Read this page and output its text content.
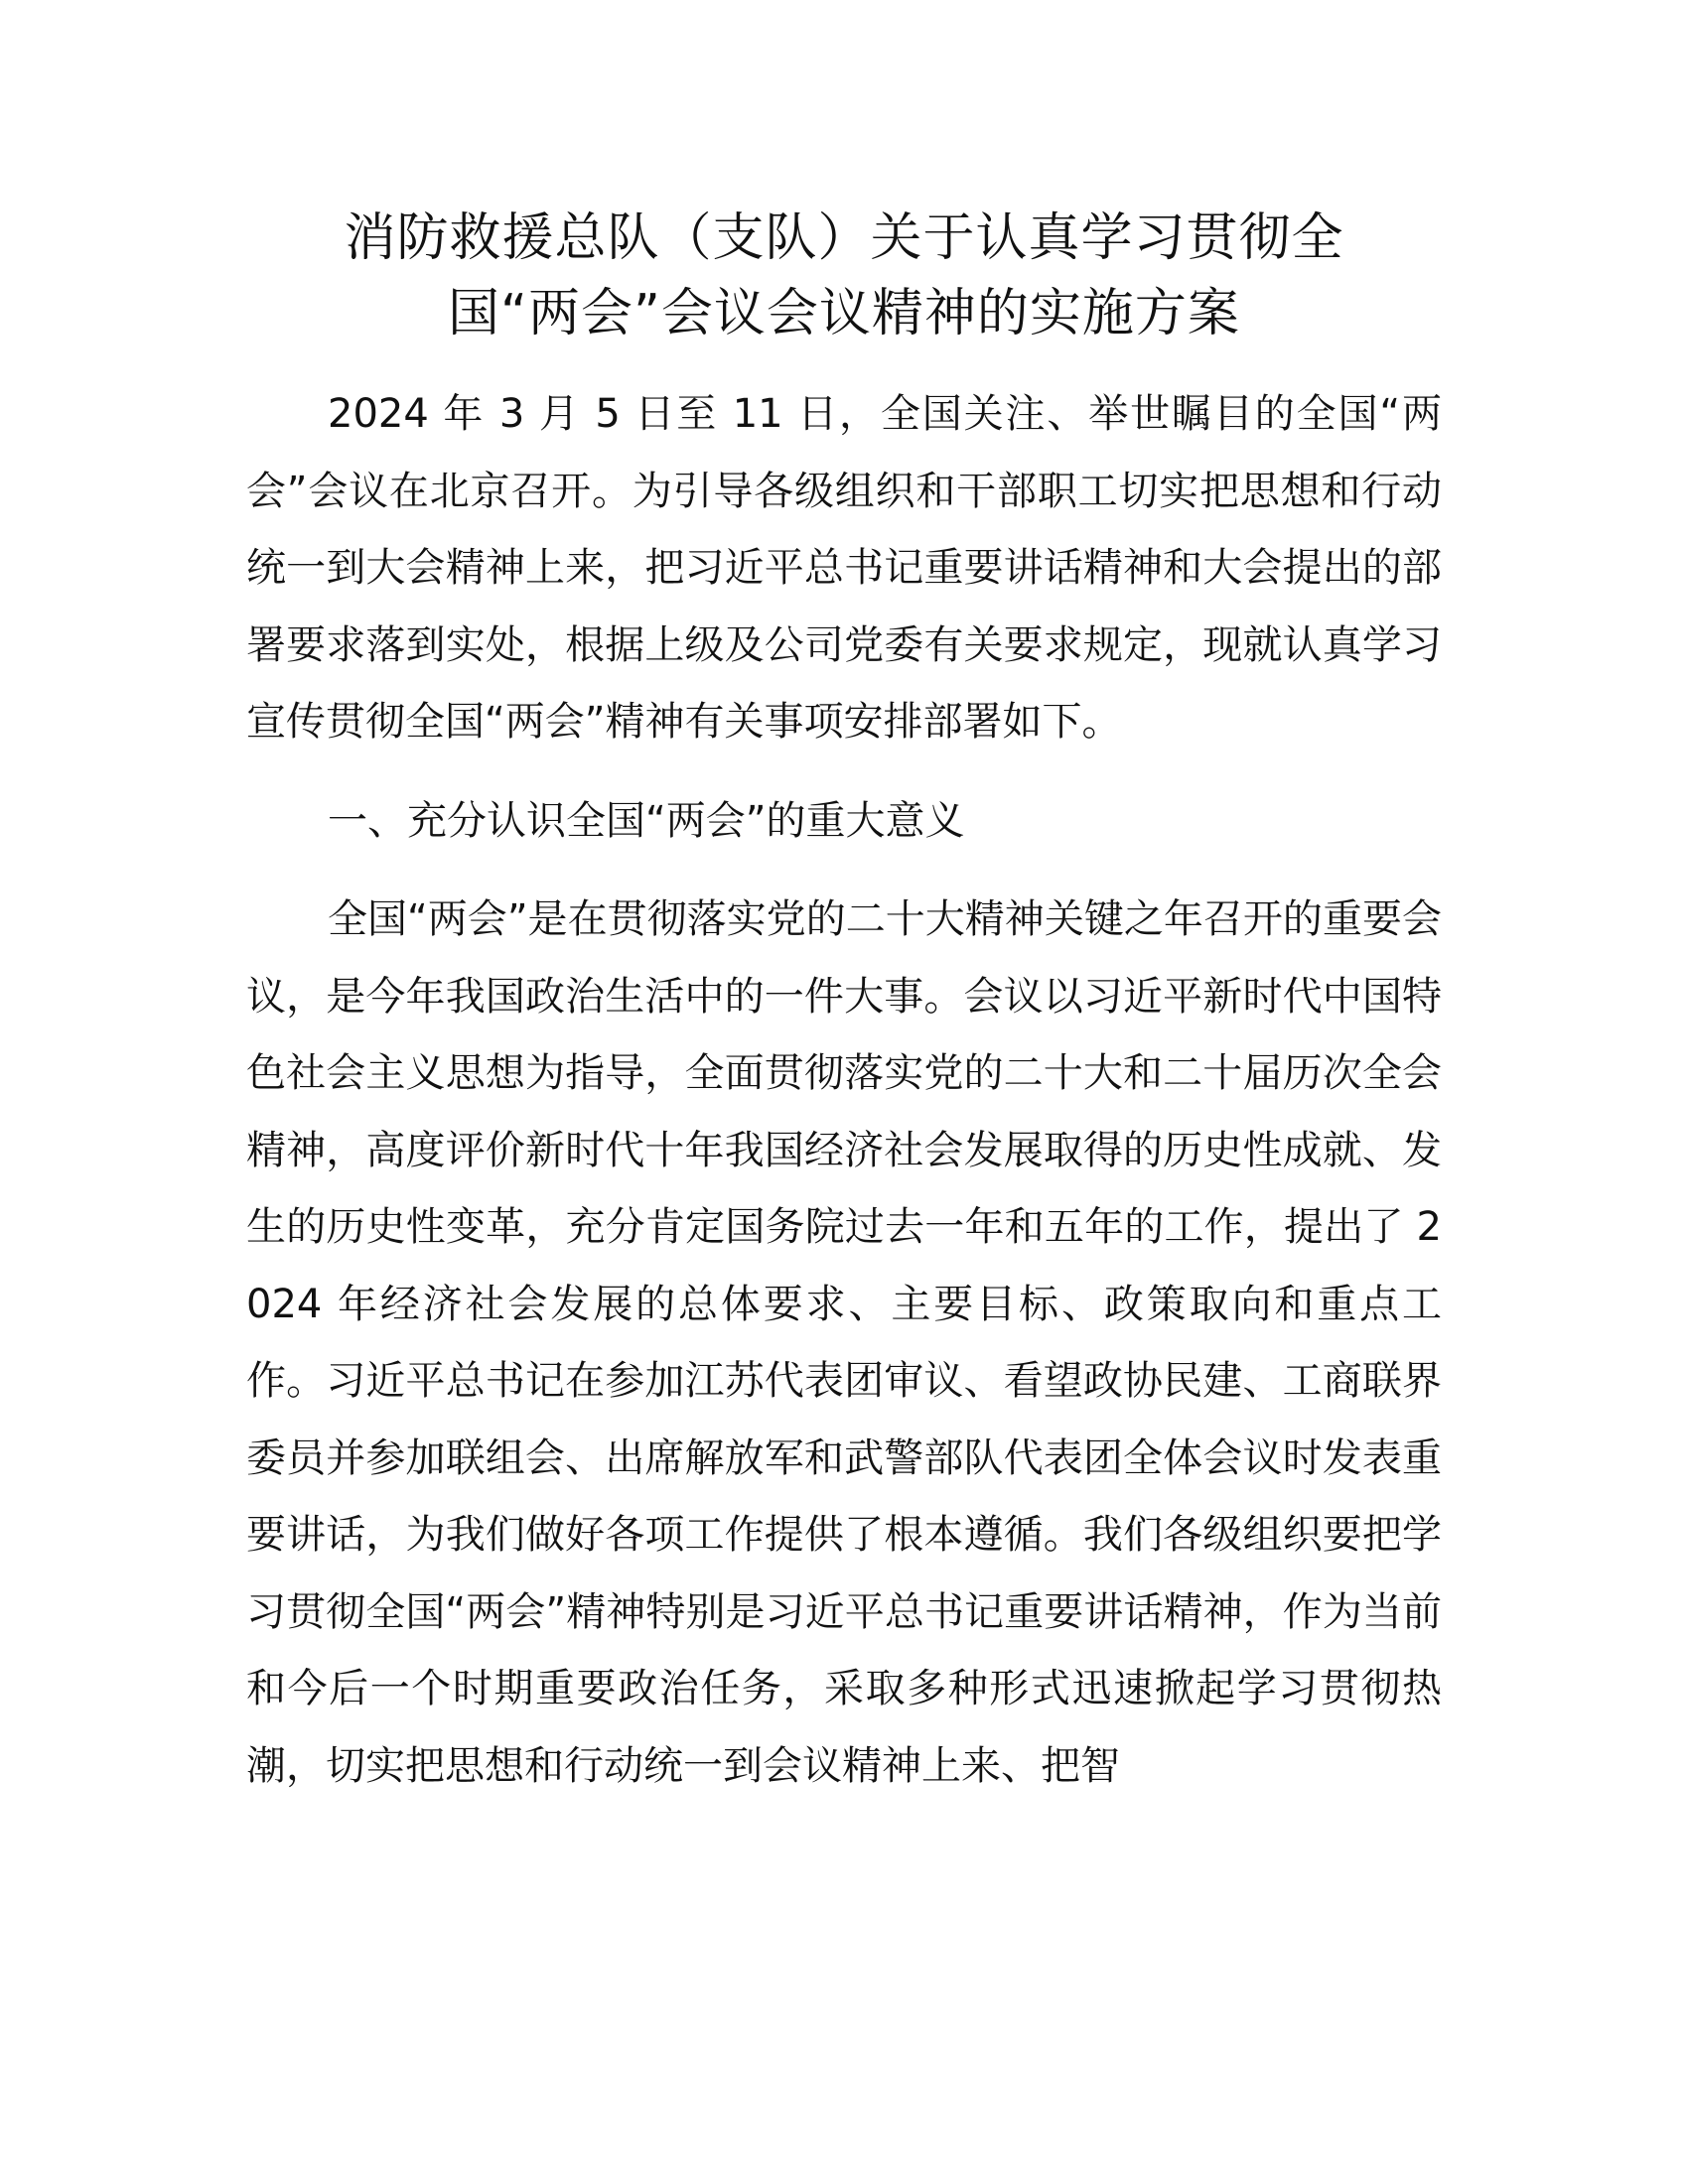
消防救援总队（支队）关于认真学习贯彻全
国“两会”会议会议精神的实施方案

2024 年 3 月 5 日至 11 日，全国关注、举世瞩目的全国“两会”会议在北京召开。为引导各级组织和干部职工切实把思想和行动统一到大会精神上来，把习近平总书记重要讲话精神和大会提出的部署要求落到实处，根据上级及公司党委有关要求规定，现就认真学习宣传贯彻全国“两会”精神有关事项安排部署如下。

一、充分认识全国“两会”的重大意义

全国“两会”是在贯彻落实党的二十大精神关键之年召开的重要会议，是今年我国政治生活中的一件大事。会议以习近平新时代中国特色社会主义思想为指导，全面贯彻落实党的二十大和二十届历次全会精神，高度评价新时代十年我国经济社会发展取得的历史性成就、发生的历史性变革，充分肯定国务院过去一年和五年的工作，提出了 2024 年经济社会发展的总体要求、主要目标、政策取向和重点工作。习近平总书记在参加江苏代表团审议、看望政协民建、工商联界委员并参加联组会、出席解放军和武警部队代表团全体会议时发表重要讲话，为我们做好各项工作提供了根本遵循。我们各级组织要把学习贯彻全国“两会”精神特别是习近平总书记重要讲话精神，作为当前和今后一个时期重要政治任务，采取多种形式迅速掀起学习贯彻热潮，切实把思想和行动统一到会议精神上来、把智
